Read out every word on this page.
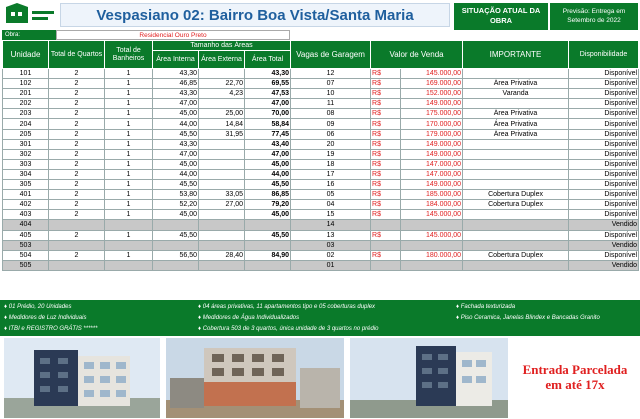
Vespasiano 02: Bairro Boa Vista/Santa Maria	SITUAÇÃO ATUAL DA OBRA
Previsão: Entrega em
Setembro de 2022
Obra:	Residencial Ouro Preto
Unidade	Total de Quartos	Total de Banheiros	Tamanho das Áreas			Vagas de Garagem	Valor de Venda		IMPORTANTE	Disponibilidade
			Área Interna	Área Externa	Área Total					
101	2	1	43,30		43,30	12	R$	145.000,00		Disponível
102	2	1	46,85	22,70	69,55	07	R$	169.000,00	Área Privativa	Disponível
201	2	1	43,30	4,23	47,53	10	R$	152.000,00	Varanda	Disponível
202	2	1	47,00		47,00	11	R$	149.000,00		Disponível
203	2	1	45,00	25,00	70,00	08	R$	175.000,00	Área Privativa	Disponível
204	2	1	44,00	14,84	58,84	09	R$	170.000,00	Área Privativa	Disponível
205	2	1	45,50	31,95	77,45	06	R$	179.000,00	Área Privativa	Disponível
301	2	1	43,30		43,40	20	R$	149.000,00		Disponível
302	2	1	47,00		47,00	19	R$	149.000,00		Disponível
303	2	1	45,00		45,00	18	R$	147.000,00		Disponível
304	2	1	44,00		44,00	17	R$	147.000,00		Disponível
305	2	1	45,50		45,50	16	R$	149.000,00		Disponível
401	2	1	53,80	33,05	86,85	05	R$	185.000,00	Cobertura Duplex	Disponível
402	2	1	52,20	27,00	79,20	04	R$	184.000,00	Cobertura Duplex	Disponível
403	2	1	45,00		45,00	15	R$	145.000,00		Disponível
404						14				Vendido
405	2	1	45,50		45,50	13	R$	145.000,00		Disponível
503						03				Vendido
504	2	1	56,50	28,40	84,90	02	R$	180.000,00	Cobertura Duplex	Disponível
505						01				Vendido
♦ 01 Prédio, 20 Unidades
♦ Medidores de Luz Individuais
♦ ITBI e REGISTRO GRÁTIS ******
♦ 04 áreas privativas, 11 apartamentos tipo e 05 coberturas duplex
♦ Medidores de Água Individualizados
♦ Cobertura 503 de 3 quartos, única unidade de 3 quartos no prédio
♦ Fachada texturizada
♦ Piso Ceramica, Janelas Blindex e Bancadas Granito
Entrada Parcelada
em até 17x
